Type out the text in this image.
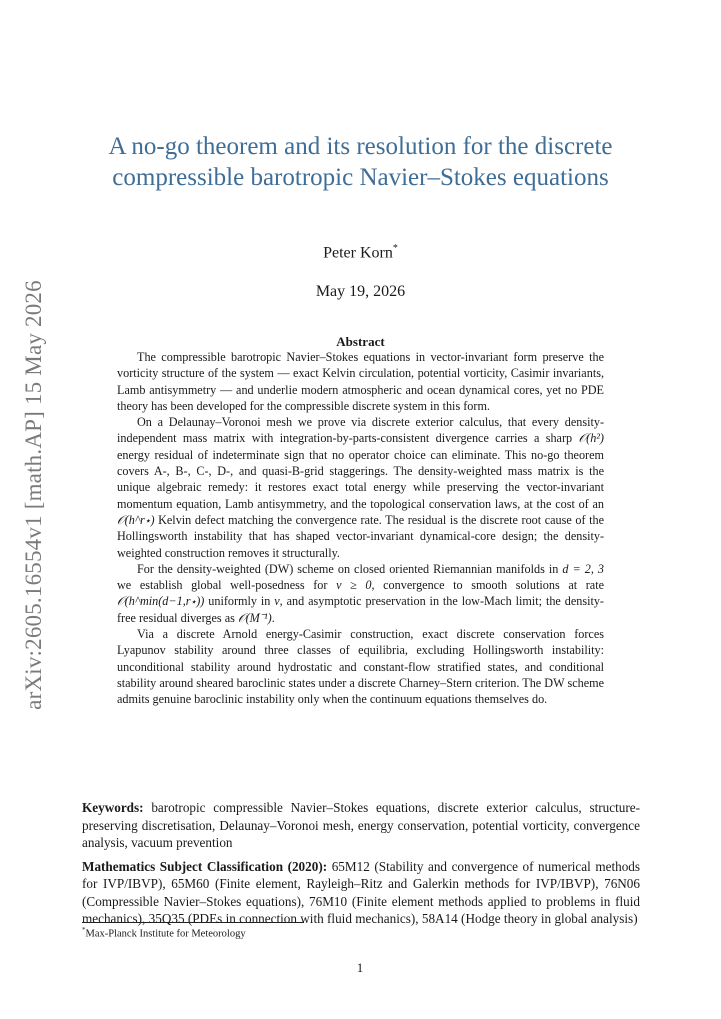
arXiv:2605.16554v1 [math.AP] 15 May 2026
A no-go theorem and its resolution for the discrete compressible barotropic Navier–Stokes equations
Peter Korn*
May 19, 2026
Abstract

The compressible barotropic Navier–Stokes equations in vector-invariant form preserve the vorticity structure of the system — exact Kelvin circulation, potential vorticity, Casimir invariants, Lamb antisymmetry — and underlie modern atmospheric and ocean dynamical cores, yet no PDE theory has been developed for the compressible discrete system in this form.

On a Delaunay–Voronoi mesh we prove via discrete exterior calculus, that every density-independent mass matrix with integration-by-parts-consistent divergence carries a sharp 𝒪(h²) energy residual of indeterminate sign that no operator choice can eliminate. This no-go theorem covers A-, B-, C-, D-, and quasi-B-grid staggerings. The density-weighted mass matrix is the unique algebraic remedy: it restores exact total energy while preserving the vector-invariant momentum equation, Lamb antisymmetry, and the topological conservation laws, at the cost of an 𝒪(h^r⋆) Kelvin defect matching the convergence rate. The residual is the discrete root cause of the Hollingsworth instability that has shaped vector-invariant dynamical-core design; the density-weighted construction removes it structurally.

For the density-weighted (DW) scheme on closed oriented Riemannian manifolds in d = 2, 3 we establish global well-posedness for ν ≥ 0, convergence to smooth solutions at rate 𝒪(h^min(d−1,r⋆)) uniformly in ν, and asymptotic preservation in the low-Mach limit; the density-free residual diverges as 𝒪(M⁻¹).

Via a discrete Arnold energy-Casimir construction, exact discrete conservation forces Lyapunov stability around three classes of equilibria, excluding Hollingsworth instability: unconditional stability around hydrostatic and constant-flow stratified states, and conditional stability around sheared baroclinic states under a discrete Charney–Stern criterion. The DW scheme admits genuine baroclinic instability only when the continuum equations themselves do.

Keywords: barotropic compressible Navier–Stokes equations, discrete exterior calculus, structure-preserving discretisation, Delaunay–Voronoi mesh, energy conservation, potential vorticity, convergence analysis, vacuum prevention

Mathematics Subject Classification (2020): 65M12 (Stability and convergence of numerical methods for IVP/IBVP), 65M60 (Finite element, Rayleigh–Ritz and Galerkin methods for IVP/IBVP), 76N06 (Compressible Navier–Stokes equations), 76M10 (Finite element methods applied to problems in fluid mechanics), 35Q35 (PDEs in connection with fluid mechanics), 58A14 (Hodge theory in global analysis)

*Max-Planck Institute for Meteorology
1
